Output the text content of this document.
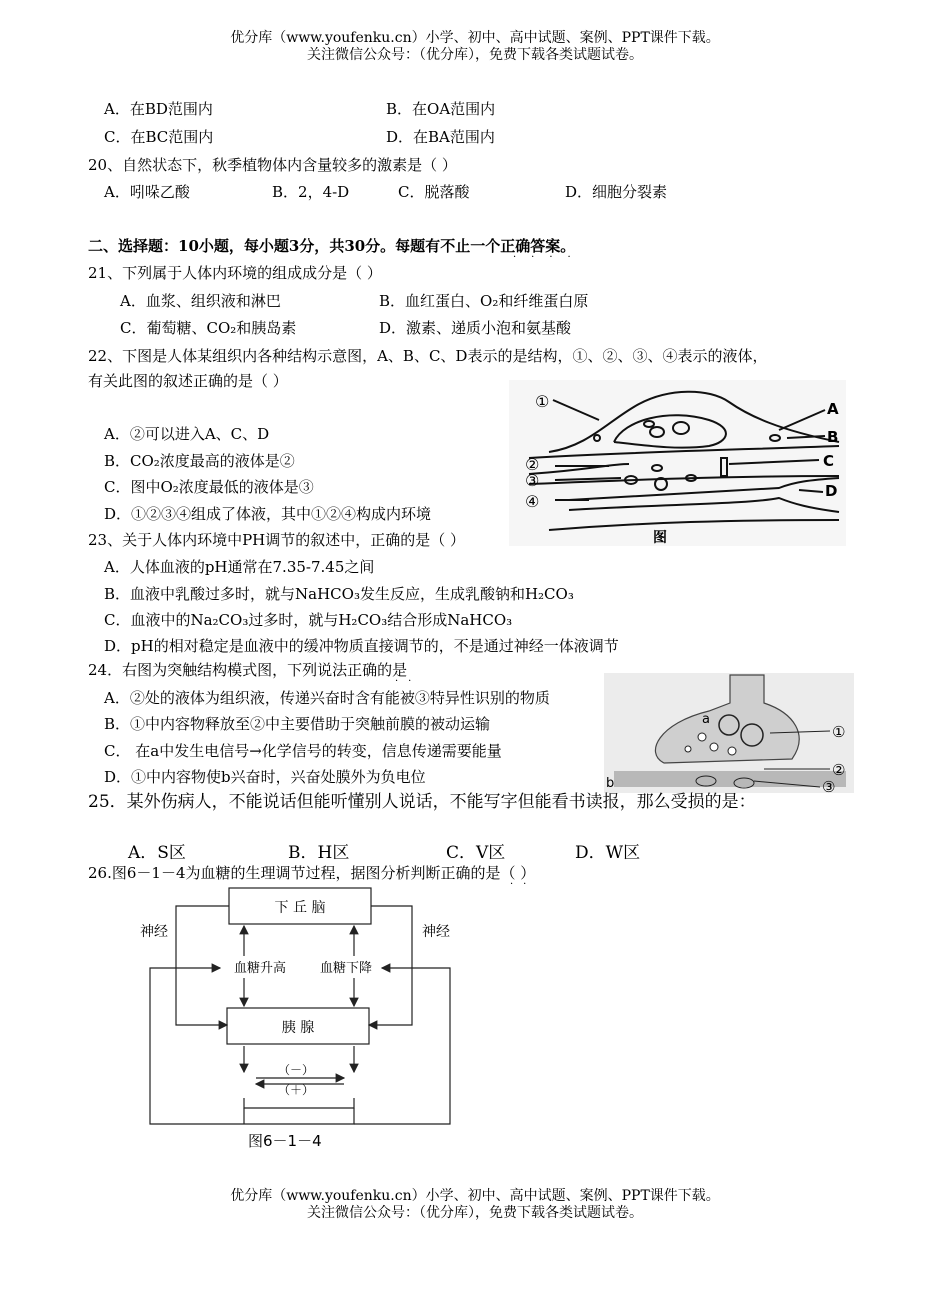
优分库（www.youfenku.cn）小学、初中、高中试题、案例、PPT课件下载。
关注微信公众号：（优分库），免费下载各类试题试卷。
A．在BD范围内	B．在OA范围内
C．在BC范围内	D．在BA范围内
20、自然状态下，秋季植物体内含量较多的激素是（ ）
A．吲哚乙酸	B．2，4-D	C．脱落酸	D．细胞分裂素
二、选择题：10小题，每小题3分，共30分。每题有不止一个正确答案。
····
21、下列属于人体内环境的组成成分是（ ）
A．血浆、组织液和淋巴	B．血红蛋白、O₂和纤维蛋白原
C．葡萄糖、CO₂和胰岛素	D．激素、递质小泡和氨基酸
22、下图是人体某组织内各种结构示意图，A、B、C、D表示的是结构，①、②、③、④表示的液体，
有关此图的叙述正确的是（ ）
A．②可以进入A、C、D
B．CO₂浓度最高的液体是②
C．图中O₂浓度最低的液体是③
D．①②③④组成了体液，其中①②④构成内环境
①
②
③
④
A
B
C
D
图
23、关于人体内环境中PH调节的叙述中，正确的是（ ）
A．人体血液的pH通常在7.35-7.45之间
B．血液中乳酸过多时，就与NaHCO₃发生反应，生成乳酸钠和H₂CO₃
C．血液中的Na₂CO₃过多时，就与H₂CO₃结合形成NaHCO₃
D．pH的相对稳定是血液中的缓冲物质直接调节的，不是通过神经一体液调节
24．右图为突触结构模式图，下列说法正确的是
··
A．②处的液体为组织液，传递兴奋时含有能被③特异性识别的物质
B．①中内容物释放至②中主要借助于突触前膜的被动运输
C． 在a中发生电信号→化学信号的转变，信息传递需要能量
D．①中内容物使b兴奋时，兴奋处膜外为负电位
a
b
①
②
③
25．某外伤病人，不能说话但能听懂别人说话，不能写字但能看书读报，那么受损的是：
A．S区	B．H区	C．V区	D．W区
26.图6－1－4为血糖的生理调节过程，据图分析判断正确的是（ ）
··
下 丘 脑
胰 腺
神经	神经
血糖升高	血糖下降
（－）
（＋）
图6－1－4
优分库（www.youfenku.cn）小学、初中、高中试题、案例、PPT课件下载。
关注微信公众号：（优分库），免费下载各类试题试卷。
